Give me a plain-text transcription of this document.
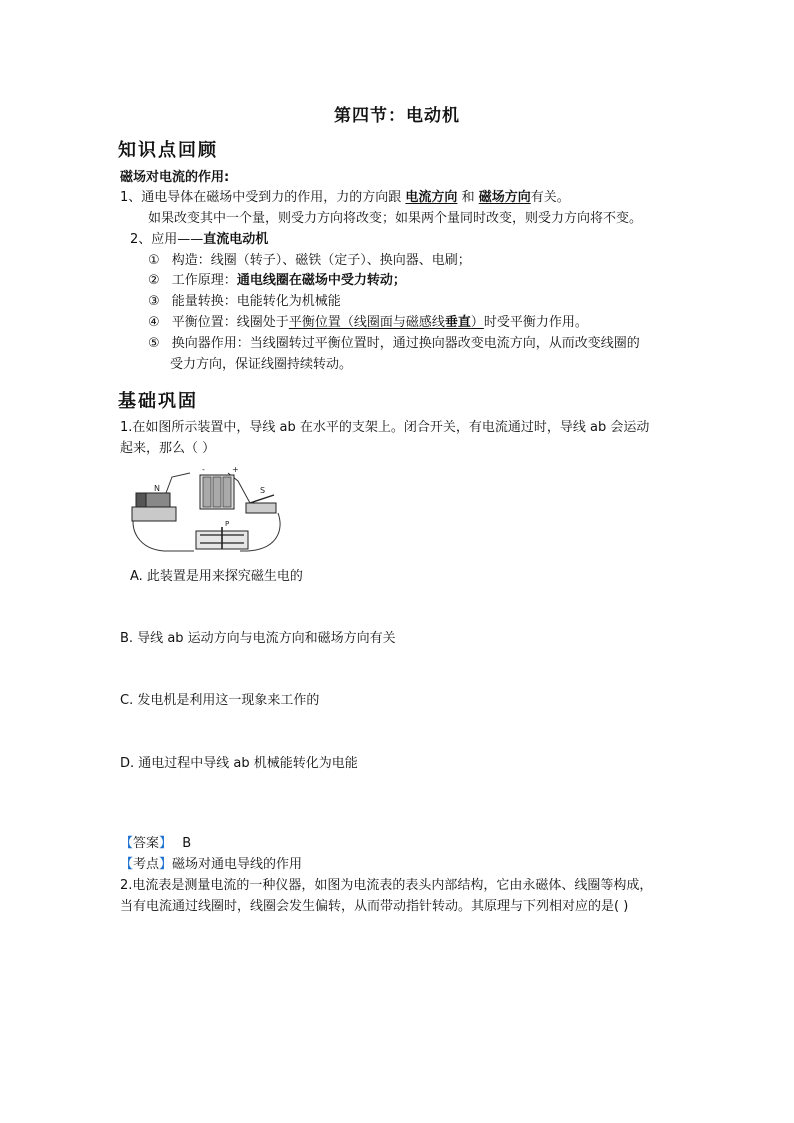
第四节：电动机
知识点回顾
磁场对电流的作用:
1、通电导体在磁场中受到力的作用，力的方向跟 电流方向 和 磁场方向有关。
如果改变其中一个量，则受力方向将改变；如果两个量同时改变，则受力方向将不变。
2、应用——直流电动机
① 构造：线圈（转子）、磁铁（定子）、换向器、电刷；
② 工作原理：通电线圈在磁场中受力转动；
③ 能量转换：电能转化为机械能
④ 平衡位置：线圈处于平衡位置（线圈面与磁感线垂直）时受平衡力作用。
⑤ 换向器作用：当线圈转过平衡位置时，通过换向器改变电流方向，从而改变线圈的
受力方向，保证线圈持续转动。
基础巩固
1.在如图所示装置中，导线 ab 在水平的支架上。闭合开关，有电流通过时，导线 ab 会运动
起来，那么（ ）
-	+
N	S
P
A. 此装置是用来探究磁生电的
B. 导线 ab 运动方向与电流方向和磁场方向有关
C. 发电机是利用这一现象来工作的
D. 通电过程中导线 ab 机械能转化为电能
【答案】 B
【考点】磁场对通电导线的作用
2.电流表是测量电流的一种仪器，如图为电流表的表头内部结构，它由永磁体、线圈等构成，
当有电流通过线圈时，线圈会发生偏转，从而带动指针转动。其原理与下列相对应的是( )
